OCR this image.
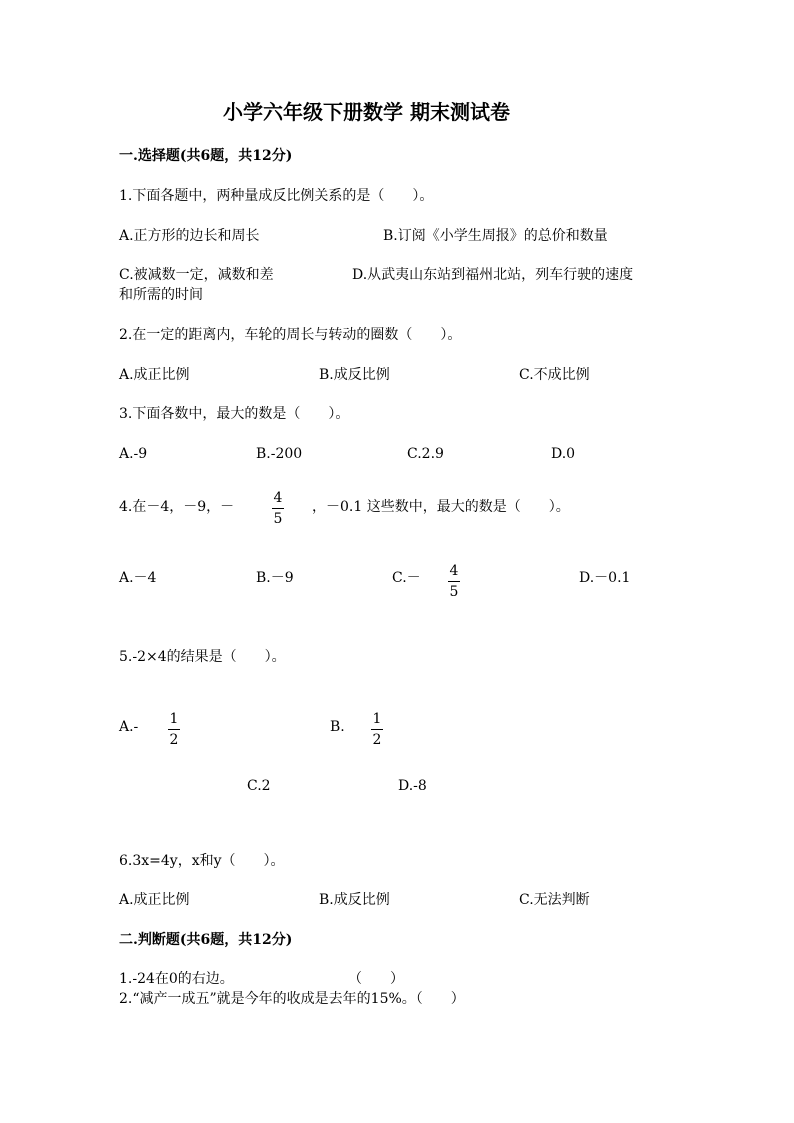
小学六年级下册数学 期末测试卷
一.选择题(共6题，共12分)
1.下面各题中，两种量成反比例关系的是（　　）。
A.正方形的边长和周长	B.订阅《小学生周报》的总价和数量
C.被减数一定，减数和差	D.从武夷山东站到福州北站，列车行驶的速度
和所需的时间
2.在一定的距离内，车轮的周长与转动的圈数（　　）。
A.成正比例	B.成反比例	C.不成比例
3.下面各数中，最大的数是（　　）。
A.-9	B.-200	C.2.9	D.0
4.在－4，－9，－
4
5
，－0.1 这些数中，最大的数是（　　）。
A.－4	B.－9	C.－	4
5
D.－0.1
5.-2×4的结果是（　　）。
A.-	1
2
B.	1
2
C.2	D.-8
6.3x=4y，x和y（　　）。
A.成正比例	B.成反比例	C.无法判断
二.判断题(共6题，共12分)
1.-24在0的右边。	（　　）
2.“减产一成五”就是今年的收成是去年的15%。（　　）
